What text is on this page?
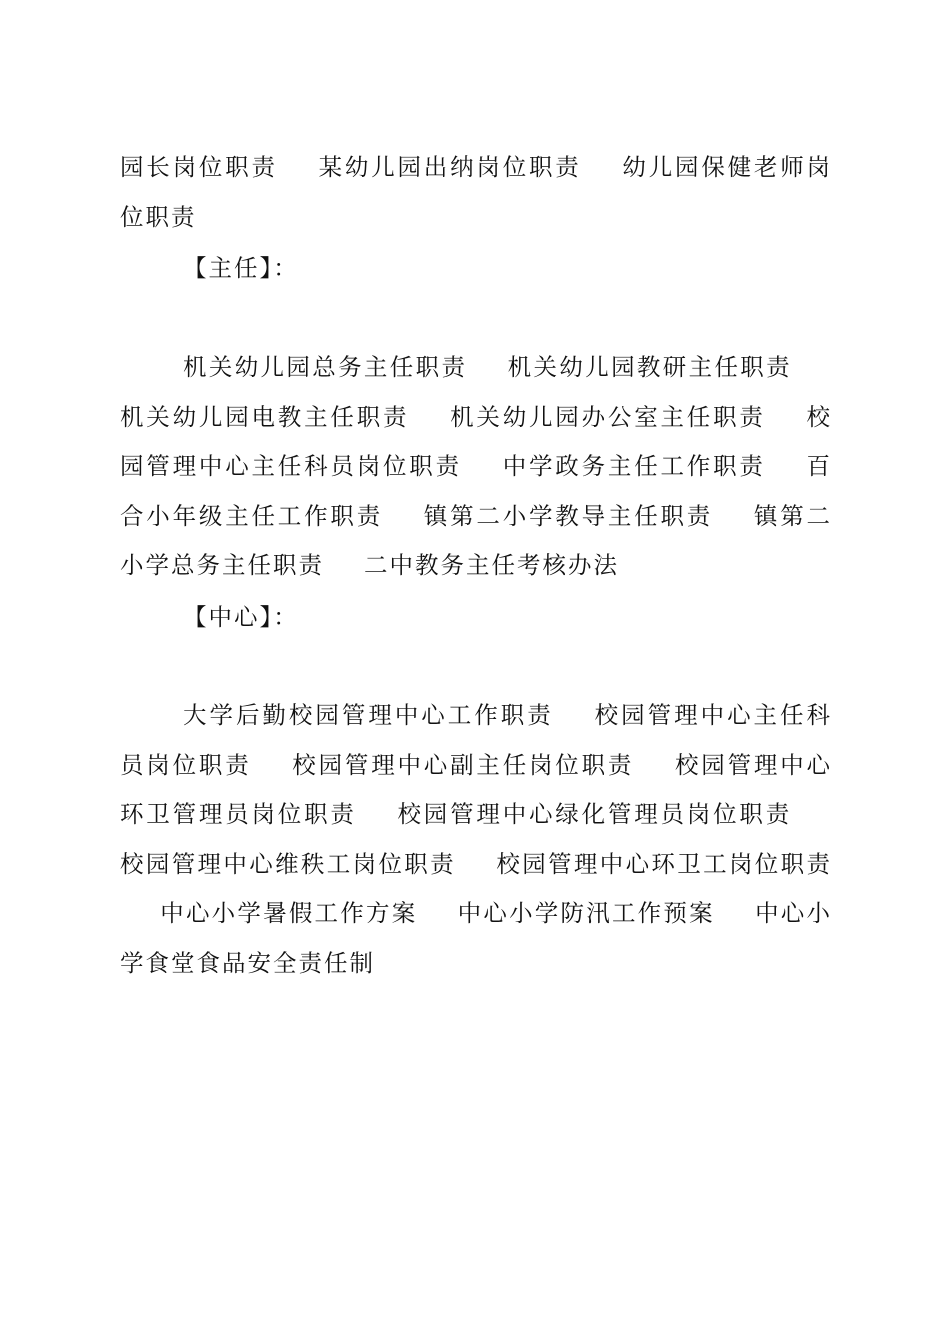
园长岗位职责 某幼儿园出纳岗位职责 幼儿园保健老师岗位职责

【主任】：

机关幼儿园总务主任职责 机关幼儿园教研主任职责机关幼儿园电教主任职责 机关幼儿园办公室主任职责 校园管理中心主任科员岗位职责 中学政务主任工作职责 百合小年级主任工作职责 镇第二小学教导主任职责 镇第二小学总务主任职责 二中教务主任考核办法

【中心】：

大学后勤校园管理中心工作职责 校园管理中心主任科员岗位职责 校园管理中心副主任岗位职责 校园管理中心环卫管理员岗位职责 校园管理中心绿化管理员岗位职责校园管理中心维秩工岗位职责 校园管理中心环卫工岗位职责中心小学暑假工作方案 中心小学防汛工作预案 中心小学食堂食品安全责任制
